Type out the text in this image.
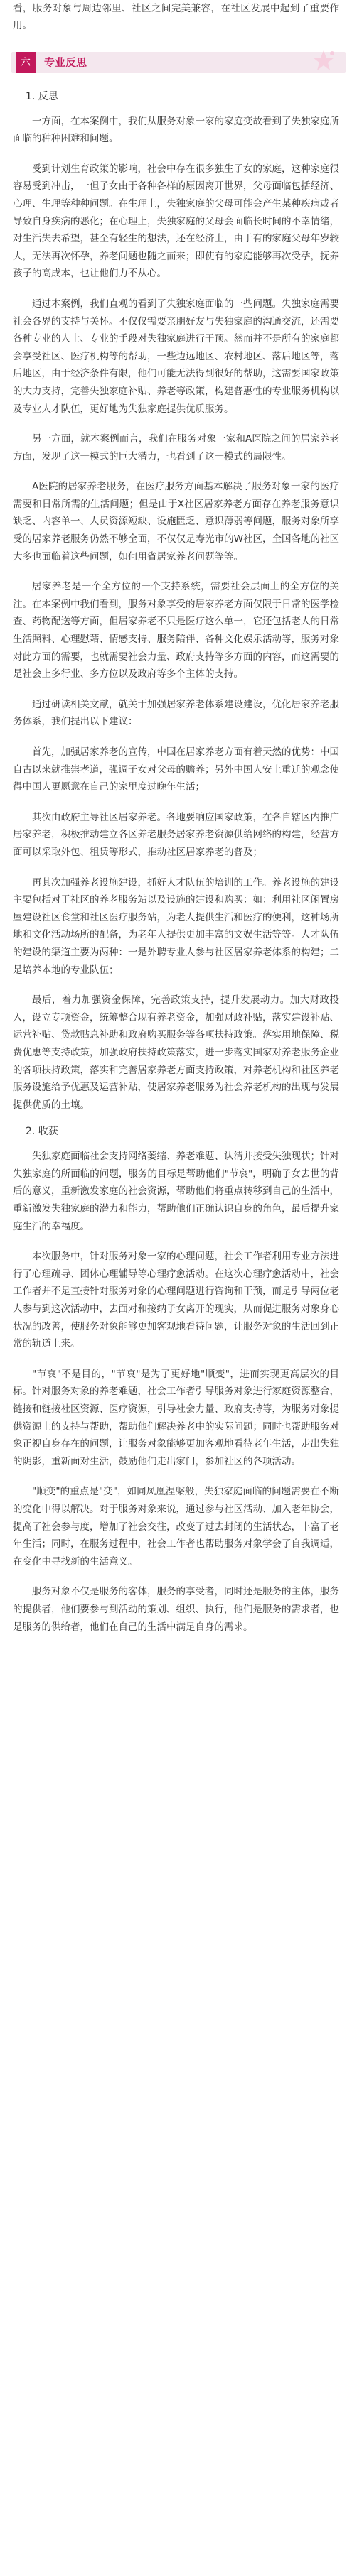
看，服务对象与周边邻里、社区之间完美兼容，在社区发展中起到了重要作用。

六	专业反思
1. 反思

一方面，在本案例中，我们从服务对象一家的家庭变故看到了失独家庭所面临的种种困难和问题。

受到计划生育政策的影响，社会中存在很多独生子女的家庭，这种家庭很容易受到冲击，一但子女由于各种各样的原因离开世界，父母面临包括经济、心理、生理等种种问题。在生理上，失独家庭的父母可能会产生某种疾病或者导致自身疾病的恶化；在心理上，失独家庭的父母会面临长时间的不幸情绪，对生活失去希望，甚至有轻生的想法，还在经济上，由于有的家庭父母年岁较大，无法再次怀孕，养老问题也随之而来；即使有的家庭能够再次受孕，抚养孩子的高成本，也让他们力不从心。

通过本案例，我们直观的看到了失独家庭面临的一些问题。失独家庭需要社会各界的支持与关怀。不仅仅需要亲朋好友与失独家庭的沟通交流，还需要各种专业的人士、专业的手段对失独家庭进行干预。然而并不是所有的家庭都会享受社区、医疗机构等的帮助，一些边远地区、农村地区、落后地区等，落后地区，由于经济条件有限，他们可能无法得到很好的帮助，这需要国家政策的大力支持，完善失独家庭补贴、养老等政策，构建普惠性的专业服务机构以及专业人才队伍，更好地为失独家庭提供优质服务。

另一方面，就本案例而言，我们在服务对象一家和A医院之间的居家养老方面，发现了这一模式的巨大潜力，也看到了这一模式的局限性。

A医院的居家养老服务，在医疗服务方面基本解决了服务对象一家的医疗需要和日常所需的生活问题；但是由于X社区居家养老方面存在养老服务意识缺乏、内容单一、人员资源短缺、设施匮乏、意识薄弱等问题，服务对象所享受的居家养老服务仍然不够全面，不仅仅是寿光市的W社区，全国各地的社区大多也面临着这些问题，如何用省居家养老问题等等。

居家养老是一个全方位的一个支持系统，需要社会层面上的全方位的关注。在本案例中我们看到，服务对象享受的居家养老方面仅限于日常的医学检查、药物配送等方面，但居家养老不只是医疗这么单一，它还包括老人的日常生活照料、心理慰藉、情感支持、服务陪伴、各种文化娱乐活动等，服务对象对此方面的需要，也就需要社会力量、政府支持等多方面的内容，而这需要的是社会上多行业、多方位以及政府等多个主体的支持。

通过研读相关文献，就关于加强居家养老体系建设建设，优化居家养老服务体系，我们提出以下建议：

首先，加强居家养老的宣传，中国在居家养老方面有着天然的优势：中国自古以来就推崇孝道，强调子女对父母的赡养；另外中国人安土重迁的观念使得中国人更愿意在自己的家里度过晚年生活；

其次由政府主导社区居家养老。各地要响应国家政策，在各自辖区内推广居家养老，积极推动建立各区养老服务居家养老资源供给网络的构建，经营方面可以采取外包、租赁等形式，推动社区居家养老的普及；

再其次加强养老设施建设，抓好人才队伍的培训的工作。养老设施的建设主要包括对于社区的养老服务站以及设施的建设和购买：如：利用社区闲置房屋建设社区食堂和社区医疗服务站，为老人提供生活和医疗的便利，这种场所地和文化活动场所的配备，为老年人提供更加丰富的文娱生活等等。人才队伍的建设的渠道主要为两种：一是外聘专业人参与社区居家养老体系的构建；二是培养本地的专业队伍；

最后，着力加强资金保障，完善政策支持，提升发展动力。加大财政投入，设立专项资金，统筹整合现有养老资金，加强财政补贴，落实建设补贴、运营补贴、贷款贴息补助和政府购买服务等各项扶持政策。落实用地保障、税费优惠等支持政策，加强政府扶持政策落实，进一步落实国家对养老服务企业的各项扶持政策，落实和完善居家养老方面支持政策，对养老机构和社区养老服务设施给予优惠及运营补贴，使居家养老服务为社会养老机构的出现与发展提供优质的土壤。

2. 收获

失独家庭面临社会支持网络萎缩、养老难题、认清并接受失独现状；针对失独家庭的所面临的问题，服务的目标是帮助他们"节哀"，明确子女去世的背后的意义，重新激发家庭的社会资源，帮助他们将重点转移到自己的生活中，重新激发失独家庭的潜力和能力，帮助他们正确认识自身的角色，最后提升家庭生活的幸福度。

本次服务中，针对服务对象一家的心理问题，社会工作者利用专业方法进行了心理疏导、团体心理辅导等心理疗愈活动。在这次心理疗愈活动中，社会工作者并不是直接针对服务对象的心理问题进行咨询和干预，而是引导两位老人参与到这次活动中，去面对和接纳子女离开的现实，从而促进服务对象身心状况的改善，使服务对象能够更加客观地看待问题，让服务对象的生活回到正常的轨道上来。

"节哀"不是目的，"节哀"是为了更好地"顺变"，进而实现更高层次的目标。针对服务对象的养老难题，社会工作者引导服务对象进行家庭资源整合，链接和链接社区资源、医疗资源，引导社会力量、政府支持等，为服务对象提供资源上的支持与帮助，帮助他们解决养老中的实际问题；同时也帮助服务对象正视自身存在的问题，让服务对象能够更加客观地看待老年生活，走出失独的阴影，重新面对生活，鼓励他们走出家门，参加社区的各项活动。

"顺变"的重点是"变"，如同凤凰涅槃般，失独家庭面临的问题需要在不断的变化中得以解决。对于服务对象来说，通过参与社区活动、加入老年协会，提高了社会参与度，增加了社会交往，改变了过去封闭的生活状态，丰富了老年生活；同时，在服务过程中，社会工作者也帮助服务对象学会了自我调适，在变化中寻找新的生活意义。

服务对象不仅是服务的客体，服务的享受者，同时还是服务的主体，服务的提供者，他们要参与到活动的策划、组织、执行，他们是服务的需求者，也是服务的供给者，他们在自己的生活中满足自身的需求。
